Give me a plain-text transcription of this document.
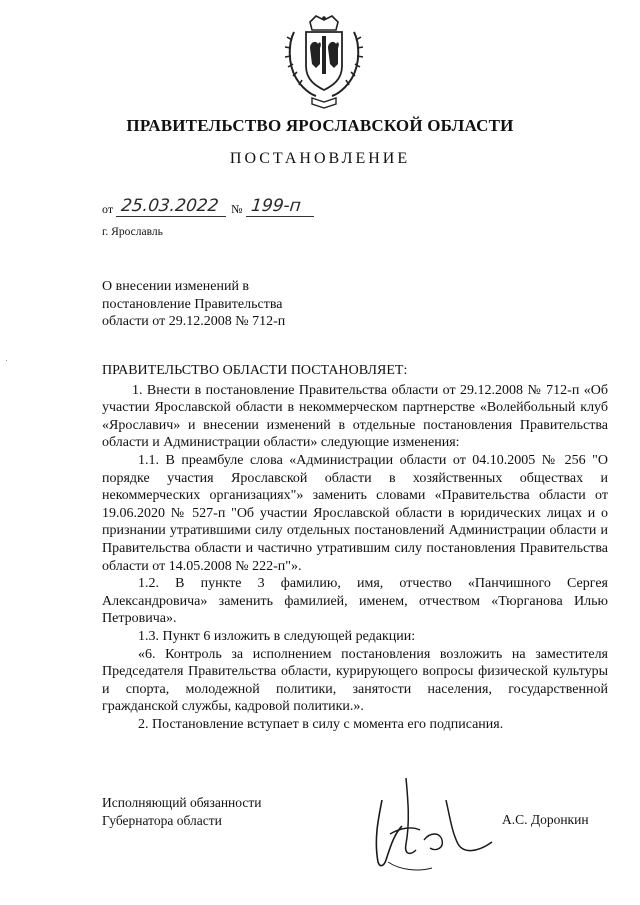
ПРАВИТЕЛЬСТВО ЯРОСЛАВСКОЙ ОБЛАСТИ
ПОСТАНОВЛЕНИЕ
от 25.03.2022 № 199-п
г. Ярославль
О внесении изменений в
постановление Правительства
области от 29.12.2008 № 712-п

ПРАВИТЕЛЬСТВО ОБЛАСТИ ПОСТАНОВЛЯЕТ:

1. Внести в постановление Правительства области от 29.12.2008 № 712-п «Об участии Ярославской области в некоммерческом партнерстве «Волейбольный клуб «Ярославич» и внесении изменений в отдельные постановления Правительства области и Администрации области» следующие изменения:

1.1. В преамбуле слова «Администрации области от 04.10.2005 № 256 "О порядке участия Ярославской области в хозяйственных обществах и некоммерческих организациях"» заменить словами «Правительства области от 19.06.2020 № 527-п "Об участии Ярославской области в юридических лицах и о признании утратившими силу отдельных постановлений Администрации области и Правительства области и частично утратившим силу постановления Правительства области от 14.05.2008 № 222-п"».

1.2. В пункте 3 фамилию, имя, отчество «Панчишного Сергея Александровича» заменить фамилией, именем, отчеством «Тюрганова Илью Петровича».

1.3. Пункт 6 изложить в следующей редакции:

«6. Контроль за исполнением постановления возложить на заместителя Председателя Правительства области, курирующего вопросы физической культуры и спорта, молодежной политики, занятости населения, государственной гражданской службы, кадровой политики.».

2. Постановление вступает в силу с момента его подписания.

Исполняющий обязанности
Губернатора области	А.С. Доронкин
